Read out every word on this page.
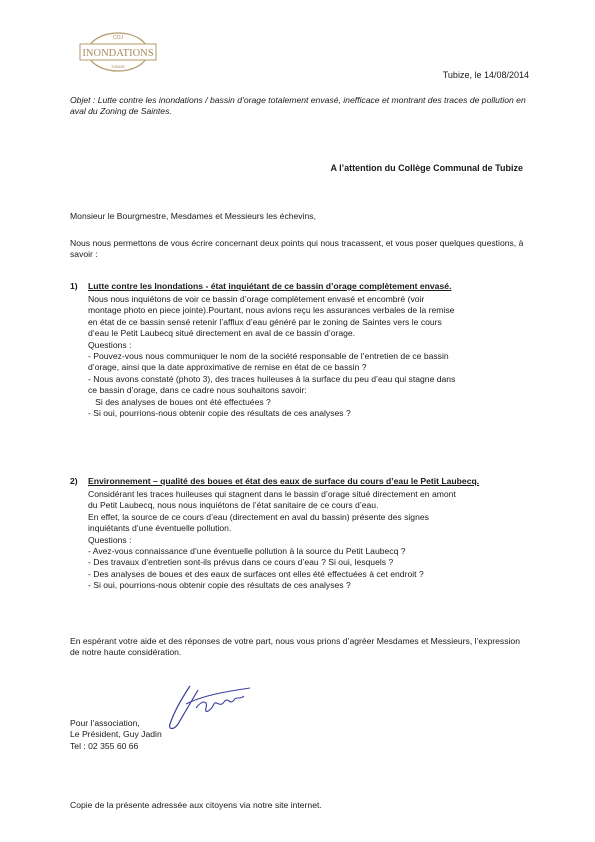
COJ
INONDATIONS
TUBIZE
Tubize, le 14/08/2014
Objet : Lutte contre les inondations / bassin d’orage totalement envasé, inefficace et montrant des traces de pollution en aval du Zoning de Saintes.
A l’attention du Collège Communal de Tubize
Monsieur le Bourgmestre, Mesdames et Messieurs les échevins,
Nous nous permettons de vous écrire concernant deux points qui nous tracassent, et vous poser quelques questions, à savoir :
1) Lutte contre les Inondations - état inquiétant de ce bassin d’orage complètement envasé.
Nous nous inquiétons de voir ce bassin d’orage complètement envasé et encombré (voir
montage photo en piece jointe).Pourtant, nous avions reçu les assurances verbales de la remise
en état de ce bassin sensé retenir l’afflux d’eau généré par le zoning de Saintes vers le cours
d’eau le Petit Laubecq situé directement en aval de ce bassin d’orage.
Questions :
- Pouvez-vous nous communiquer le nom de la société responsable de l’entretien de ce bassin
d’orage, ainsi que la date approximative de remise en état de ce bassin ?
- Nous avons constaté (photo 3), des traces huileuses à la surface du peu d’eau qui stagne dans
ce bassin d’orage, dans ce cadre nous souhaitons savoir:
Si des analyses de boues ont été effectuées ?
- Si oui, pourrions-nous obtenir copie des résultats de ces analyses ?
2) Environnement – qualité des boues et état des eaux de surface du cours d’eau le Petit Laubecq.
Considérant les traces huileuses qui stagnent dans le bassin d’orage situé directement en amont
du Petit Laubecq, nous nous inquiétons de l’état sanitaire de ce cours d’eau.
En effet, la source de ce cours d’eau (directement en aval du bassin) présente des signes
inquiétants d’une éventuelle pollution.
Questions :
- Avez-vous connaissance d’une éventuelle pollution à la source du Petit Laubecq ?
- Des travaux d’entretien sont-ils prévus dans ce cours d’eau ? Si oui, lesquels ?
- Des analyses de boues et des eaux de surfaces ont elles été effectuées à cet endroit ?
- Si oui, pourrions-nous obtenir copie des résultats de ces analyses ?
En espérant votre aide et des réponses de votre part, nous vous prions d’agréer Mesdames et Messieurs, l’expression de notre haute considération.
Pour l’association,
Le Président, Guy Jadin
Tel : 02 355 60 66
Copie de la présente adressée aux citoyens via notre site internet.
